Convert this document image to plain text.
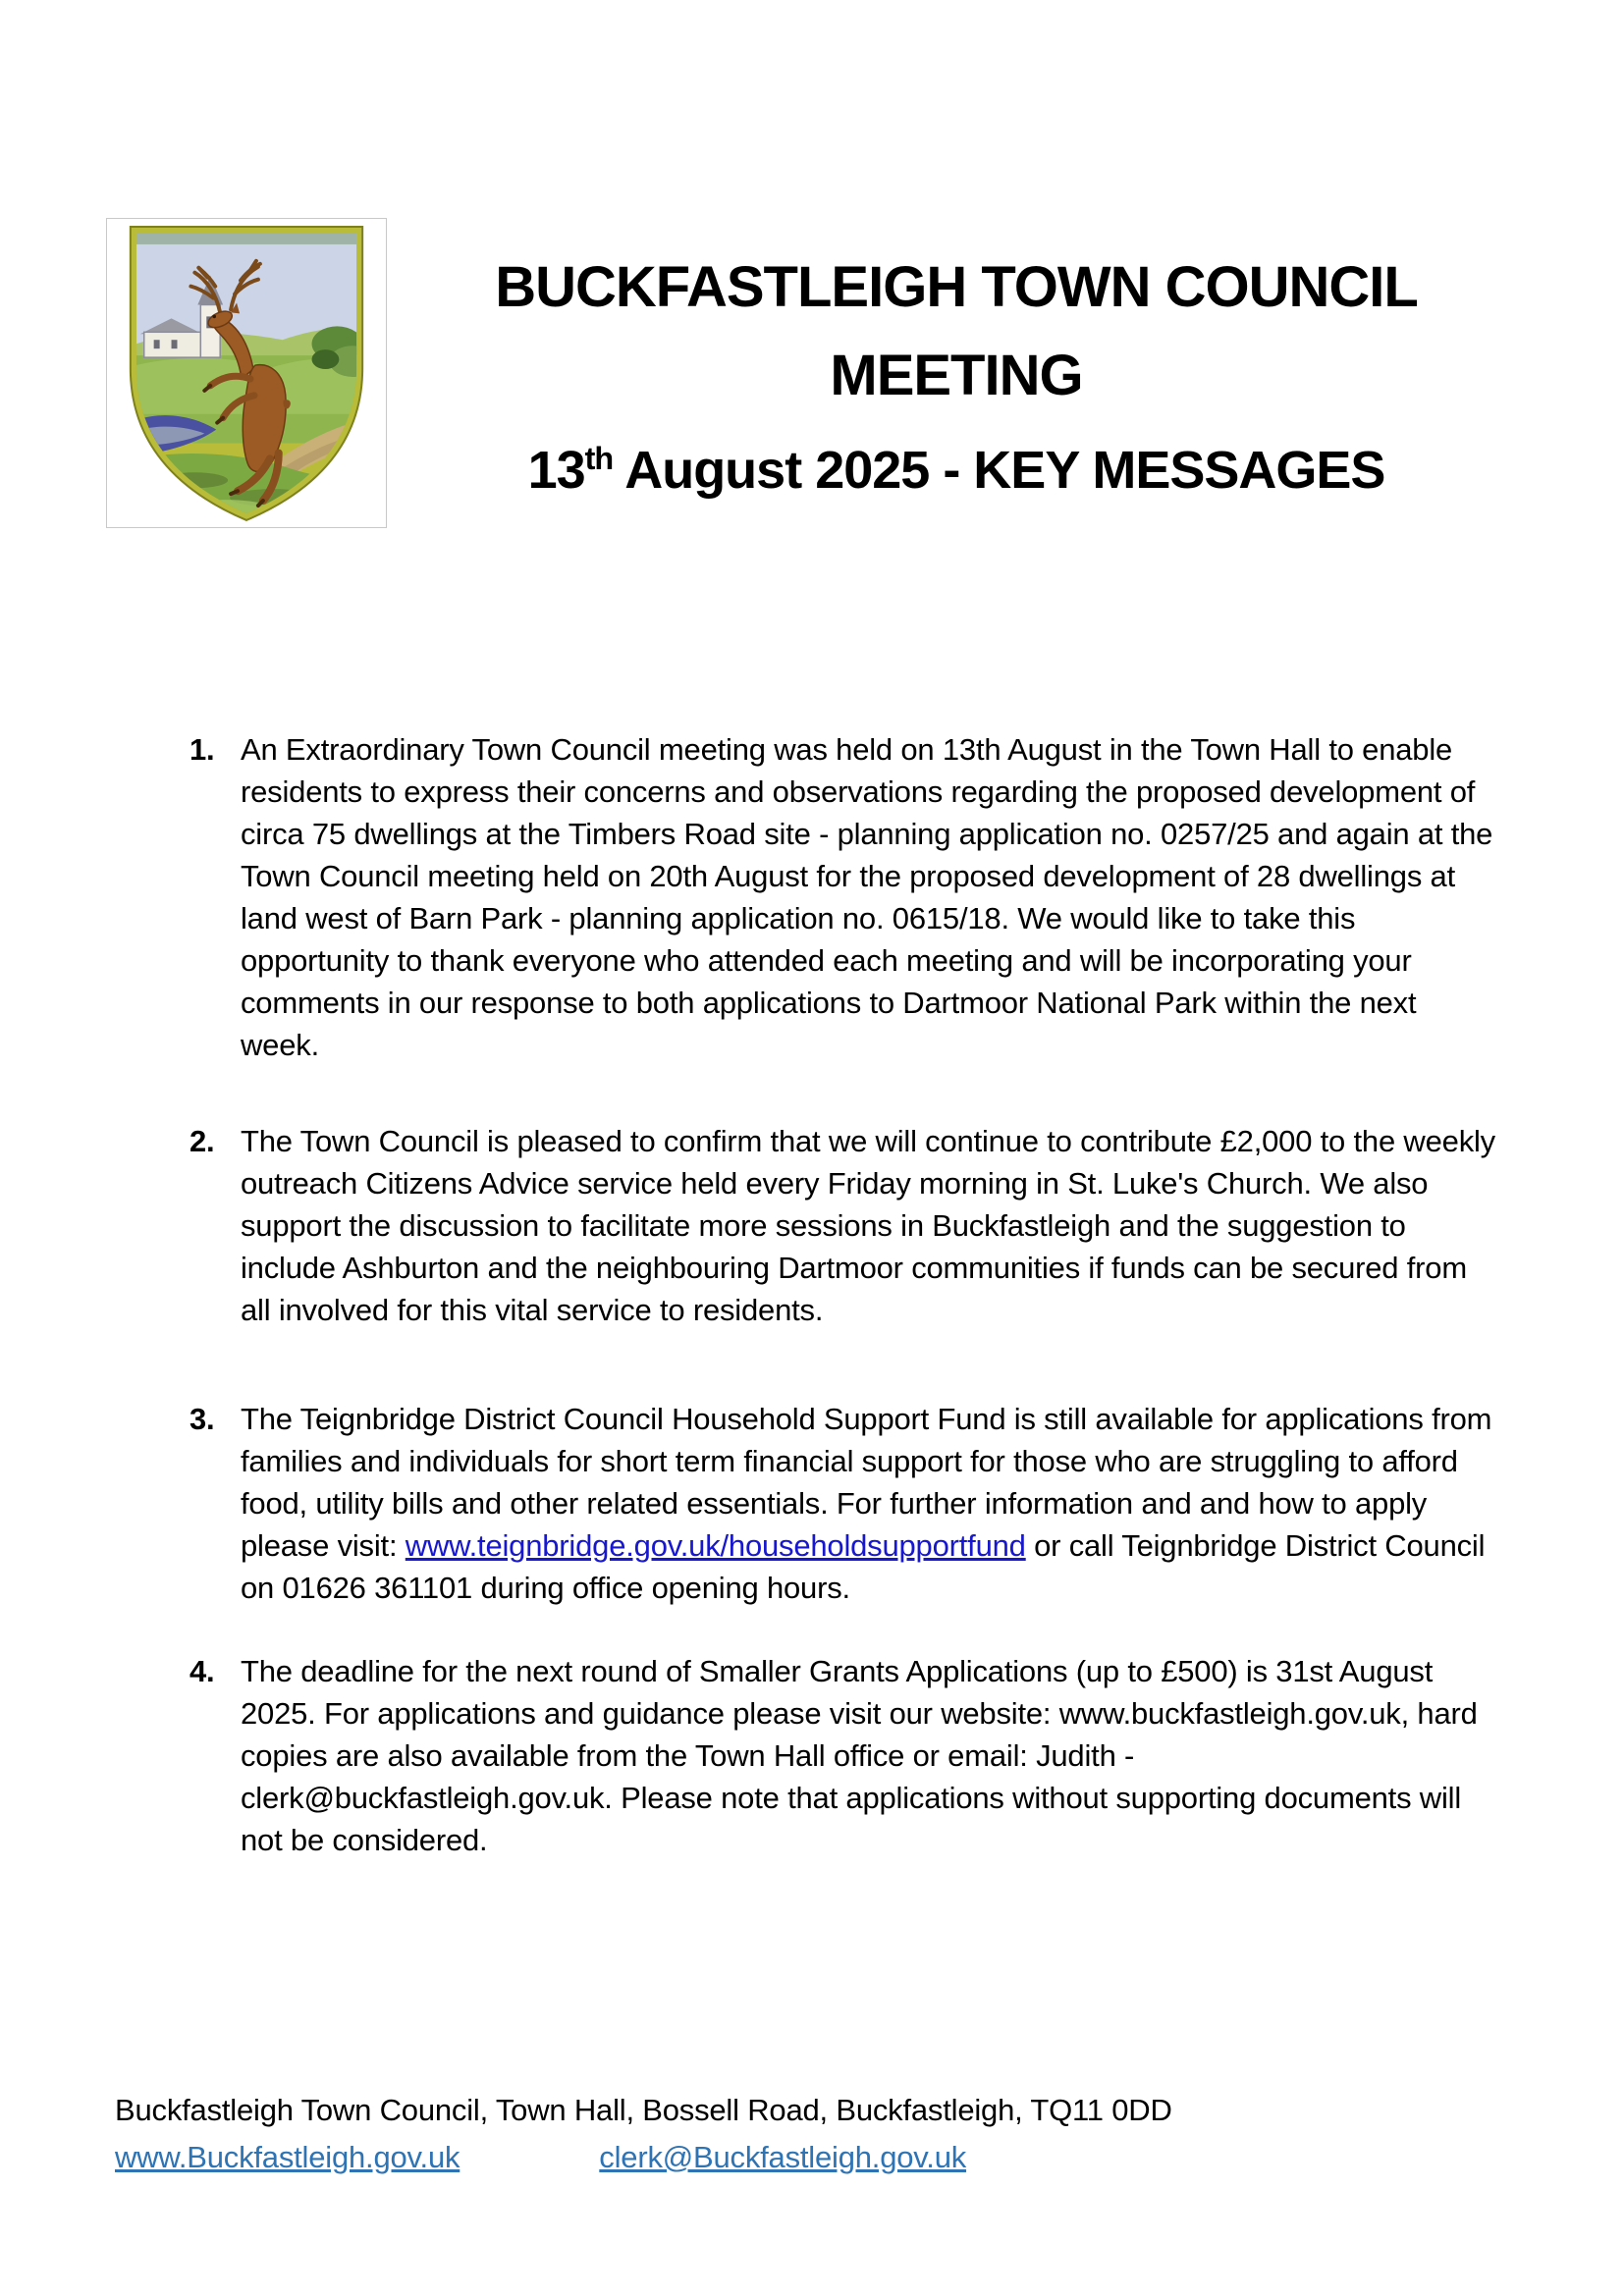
BUCKFASTLEIGH TOWN COUNCIL
MEETING
13th August 2025 - KEY MESSAGES
1. An Extraordinary Town Council meeting was held on 13th August in the Town Hall to enable residents to express their concerns and observations regarding the proposed development of circa 75 dwellings at the Timbers Road site - planning application no. 0257/25 and again at the Town Council meeting held on 20th August for the proposed development of 28 dwellings at land west of Barn Park - planning application no. 0615/18. We would like to take this opportunity to thank everyone who attended each meeting and will be incorporating your comments in our response to both applications to Dartmoor National Park within the next week.
2. The Town Council is pleased to confirm that we will continue to contribute £2,000 to the weekly outreach Citizens Advice service held every Friday morning in St. Luke's Church. We also support the discussion to facilitate more sessions in Buckfastleigh and the suggestion to include Ashburton and the neighbouring Dartmoor communities if funds can be secured from all involved for this vital service to residents.
3. The Teignbridge District Council Household Support Fund is still available for applications from families and individuals for short term financial support for those who are struggling to afford food, utility bills and other related essentials. For further information and and how to apply please visit: www.teignbridge.gov.uk/householdsupportfund or call Teignbridge District Council on 01626 361101 during office opening hours.
4. The deadline for the next round of Smaller Grants Applications (up to £500) is 31st August 2025. For applications and guidance please visit our website: www.buckfastleigh.gov.uk, hard copies are also available from the Town Hall office or email: Judith - clerk@buckfastleigh.gov.uk. Please note that applications without supporting documents will not be considered.
Buckfastleigh Town Council, Town Hall, Bossell Road, Buckfastleigh, TQ11 0DD
www.Buckfastleigh.gov.uk	clerk@Buckfastleigh.gov.uk
